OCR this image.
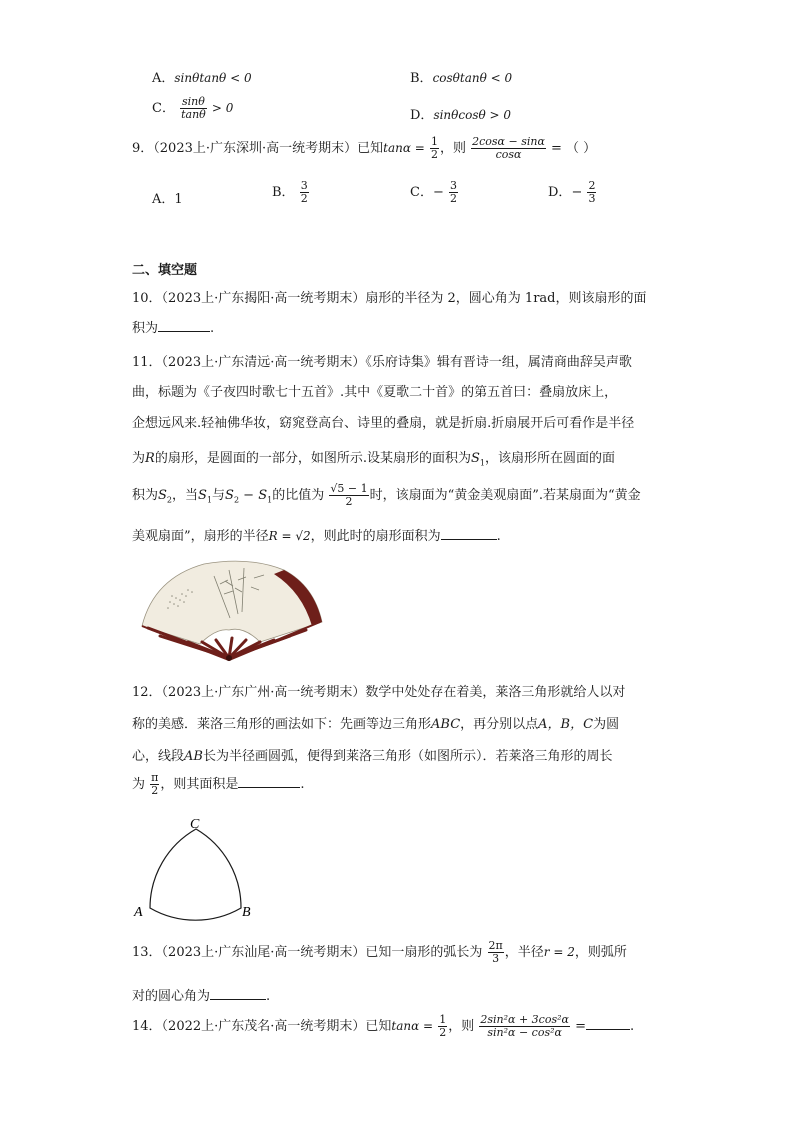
A．sinθtanθ < 0	B．cosθtanθ < 0
C． $\frac{\sin\theta}{\tan\theta} > 0$	D．sinθcosθ > 0
9．（2023上·广东深圳·高一统考期末）已知$\tan\alpha = \frac{1}{2}$ ，则 $\frac{2\cos\alpha - \sin\alpha}{\cos\alpha}$ = （ ）
A．1	B． $\frac{3}{2}$	C．− $\frac{3}{2}$	D．− $\frac{2}{3}$
二、填空题
10．（2023上·广东揭阳·高一统考期末）扇形的半径为 2，圆心角为 1rad，则该扇形的面
积为	.
11．（2023上·广东清远·高一统考期末）《乐府诗集》辑有晋诗一组，属清商曲辞吴声歌
曲，标题为《子夜四时歌七十五首》.其中《夏歌二十首》的第五首曰：叠扇放床上，
企想远风来.轻袖佛华妆，窈窕登高台、诗里的叠扇，就是折扇.折扇展开后可看作是半径
为R的扇形，是圆面的一部分，如图所示.设某扇形的面积为$S_1$，该扇形所在圆面的面
积为$S_2$，当$S_1$与$S_2 - S_1$的比值为 $\frac{√5 - 1}{2}$ 时，该扇面为“黄金美观扇面”.若某扇面为“黄金
美观扇面”，扇形的半径R = √2，则此时的扇形面积为	.
12．（2023上·广东广州·高一统考期末）数学中处处存在着美，莱洛三角形就给人以对
称的美感．莱洛三角形的画法如下：先画等边三角形ABC，再分别以点A，B，C为圆
心，线段AB长为半径画圆弧，便得到莱洛三角形（如图所示）．若莱洛三角形的周长
为 $\frac{\pi}{2}$ ，则其面积是	.
A	B
C
13．（2023上·广东汕尾·高一统考期末）已知一扇形的弧长为 $\frac{2\pi}{3}$ ，半径r = 2，则弧所
对的圆心角为	.
14．（2022上·广东茂名·高一统考期末）已知$\tan\alpha = \frac{1}{2}$ ，则 $\frac{\text{2sin²α + 3cos²α}}{\text{sin²α − cos²α}}$ =	.
